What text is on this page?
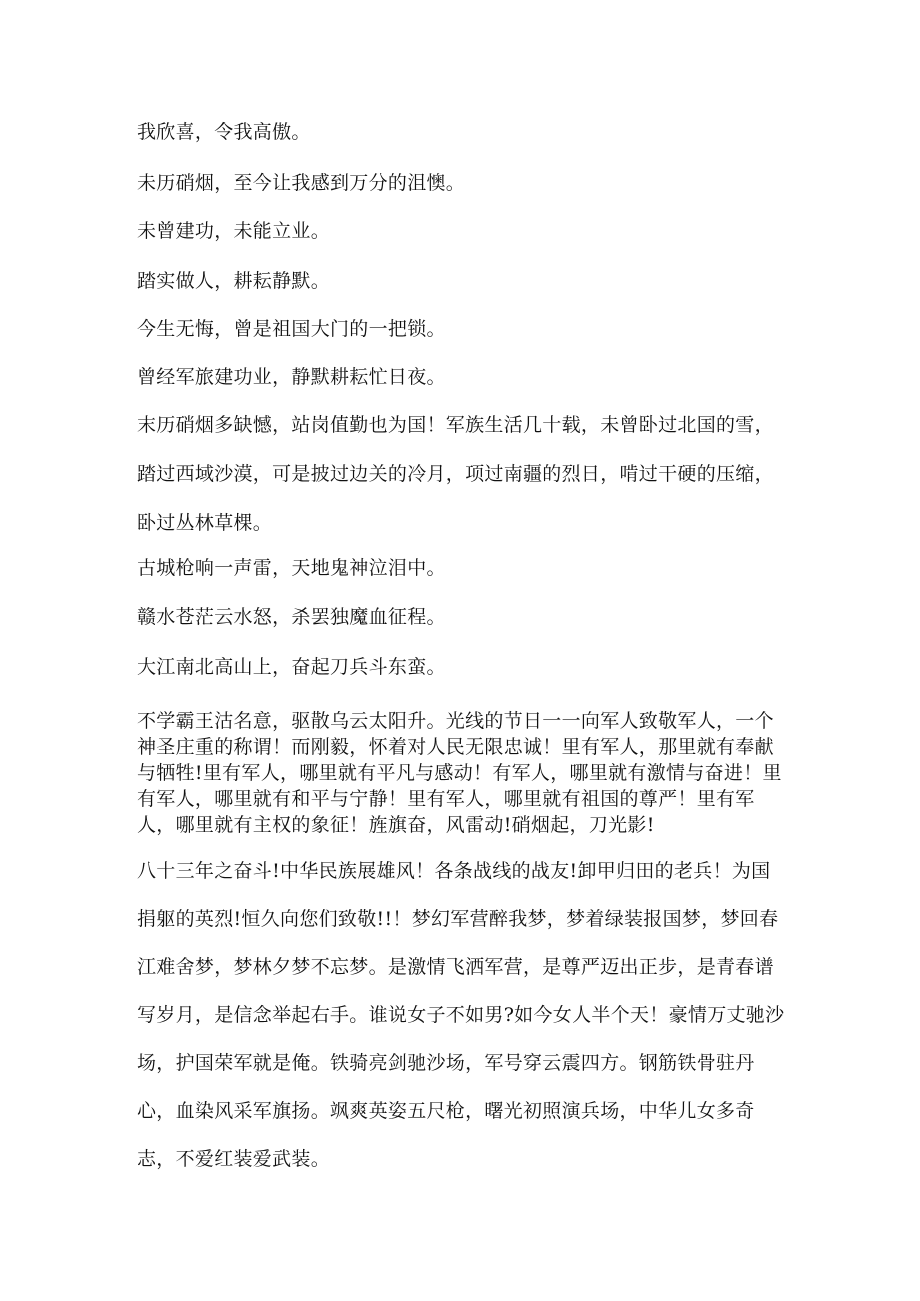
我欣喜，令我高傲。

未历硝烟，至今让我感到万分的沮懊。

未曾建功，未能立业。

踏实做人，耕耘静默。

今生无悔，曾是祖国大门的一把锁。

曾经军旅建功业，静默耕耘忙日夜。

末历硝烟多缺憾，站岗值勤也为国！军族生活几十载，未曾卧过北国的雪，踏过西域沙漠，可是披过边关的冷月，项过南疆的烈日，啃过干硬的压缩，卧过丛林草棵。

古城枪响一声雷，天地鬼神泣泪中。

赣水苍茫云水怒，杀罢独魔血征程。

大江南北高山上，奋起刀兵斗东蛮。

不学霸王沽名意，驱散乌云太阳升。光线的节日一一向军人致敬军人，一个神圣庄重的称谓！而刚毅，怀着对人民无限忠诚！里有军人，那里就有奉献与牺牲!里有军人，哪里就有平凡与感动！有军人，哪里就有激情与奋进！里有军人，哪里就有和平与宁静！里有军人，哪里就有祖国的尊严！里有军人，哪里就有主权的象征！旌旗奋，风雷动!硝烟起，刀光影!

八十三年之奋斗!中华民族展雄风！各条战线的战友!卸甲归田的老兵！为国捐躯的英烈!恒久向您们致敬!!！梦幻军营醉我梦，梦着绿装报国梦，梦回春江难舍梦，梦林夕梦不忘梦。是激情飞洒军营，是尊严迈出正步，是青春谱写岁月，是信念举起右手。谁说女子不如男?如今女人半个天！豪情万丈驰沙场，护国荣军就是俺。铁骑亮剑驰沙场，军号穿云震四方。钢筋铁骨驻丹心，血染风采军旗扬。飒爽英姿五尺枪，曙光初照演兵场，中华儿女多奇志，不爱红装爱武装。
